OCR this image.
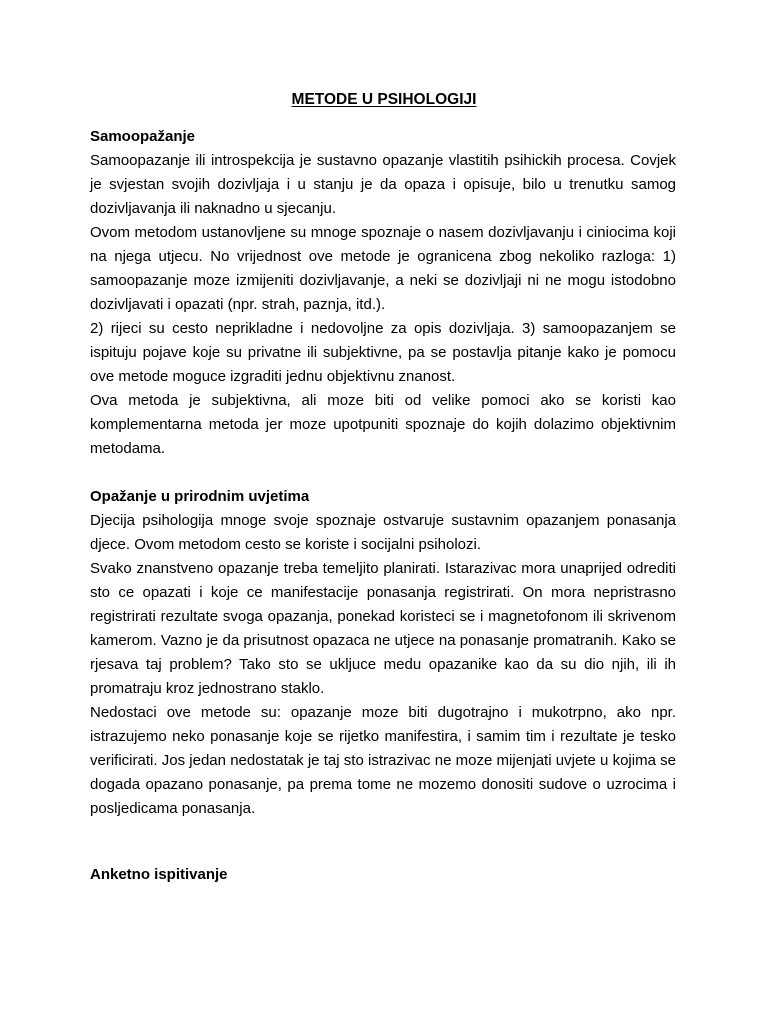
METODE U PSIHOLOGIJI
Samoopažanje

Samoopazanje ili introspekcija je sustavno opazanje vlastitih psihickih procesa. Covjek je svjestan svojih dozivljaja i u stanju je da opaza i opisuje, bilo u trenutku samog dozivljavanja ili naknadno u sjecanju.

Ovom metodom ustanovljene su mnoge spoznaje o nasem dozivljavanju i ciniocima koji na njega utjecu. No vrijednost ove metode je ogranicena zbog nekoliko razloga: 1) samoopazanje moze izmijeniti dozivljavanje, a neki se dozivljaji ni ne mogu istodobno dozivljavati i opazati (npr. strah, paznja, itd.).

2) rijeci su cesto neprikladne i nedovoljne za opis dozivljaja. 3) samoopazanjem se ispituju pojave koje su privatne ili subjektivne, pa se postavlja pitanje kako je pomocu ove metode moguce izgraditi jednu objektivnu znanost.

Ova metoda je subjektivna, ali moze biti od velike pomoci ako se koristi kao komplementarna metoda jer moze upotpuniti spoznaje do kojih dolazimo objektivnim metodama.

Opažanje u prirodnim uvjetima

Djecija psihologija mnoge svoje spoznaje ostvaruje sustavnim opazanjem ponasanja djece. Ovom metodom cesto se koriste i socijalni psiholozi.

Svako znanstveno opazanje treba temeljito planirati. Istarazivac mora unaprijed odrediti sto ce opazati i koje ce manifestacije ponasanja registrirati. On mora nepristrasno registrirati rezultate svoga opazanja, ponekad koristeci se i magnetofonom ili skrivenom kamerom. Vazno je da prisutnost opazaca ne utjece na ponasanje promatranih. Kako se rjesava taj problem? Tako sto se ukljuce medu opazanike kao da su dio njih, ili ih promatraju kroz jednostrano staklo.

Nedostaci ove metode su: opazanje moze biti dugotrajno i mukotrpno, ako npr. istrazujemo neko ponasanje koje se rijetko manifestira, i samim tim i rezultate je tesko verificirati. Jos jedan nedostatak je taj sto istrazivac ne moze mijenjati uvjete u kojima se dogada opazano ponasanje, pa prema tome ne mozemo donositi sudove o uzrocima i posljedicama ponasanja.

Anketno ispitivanje
